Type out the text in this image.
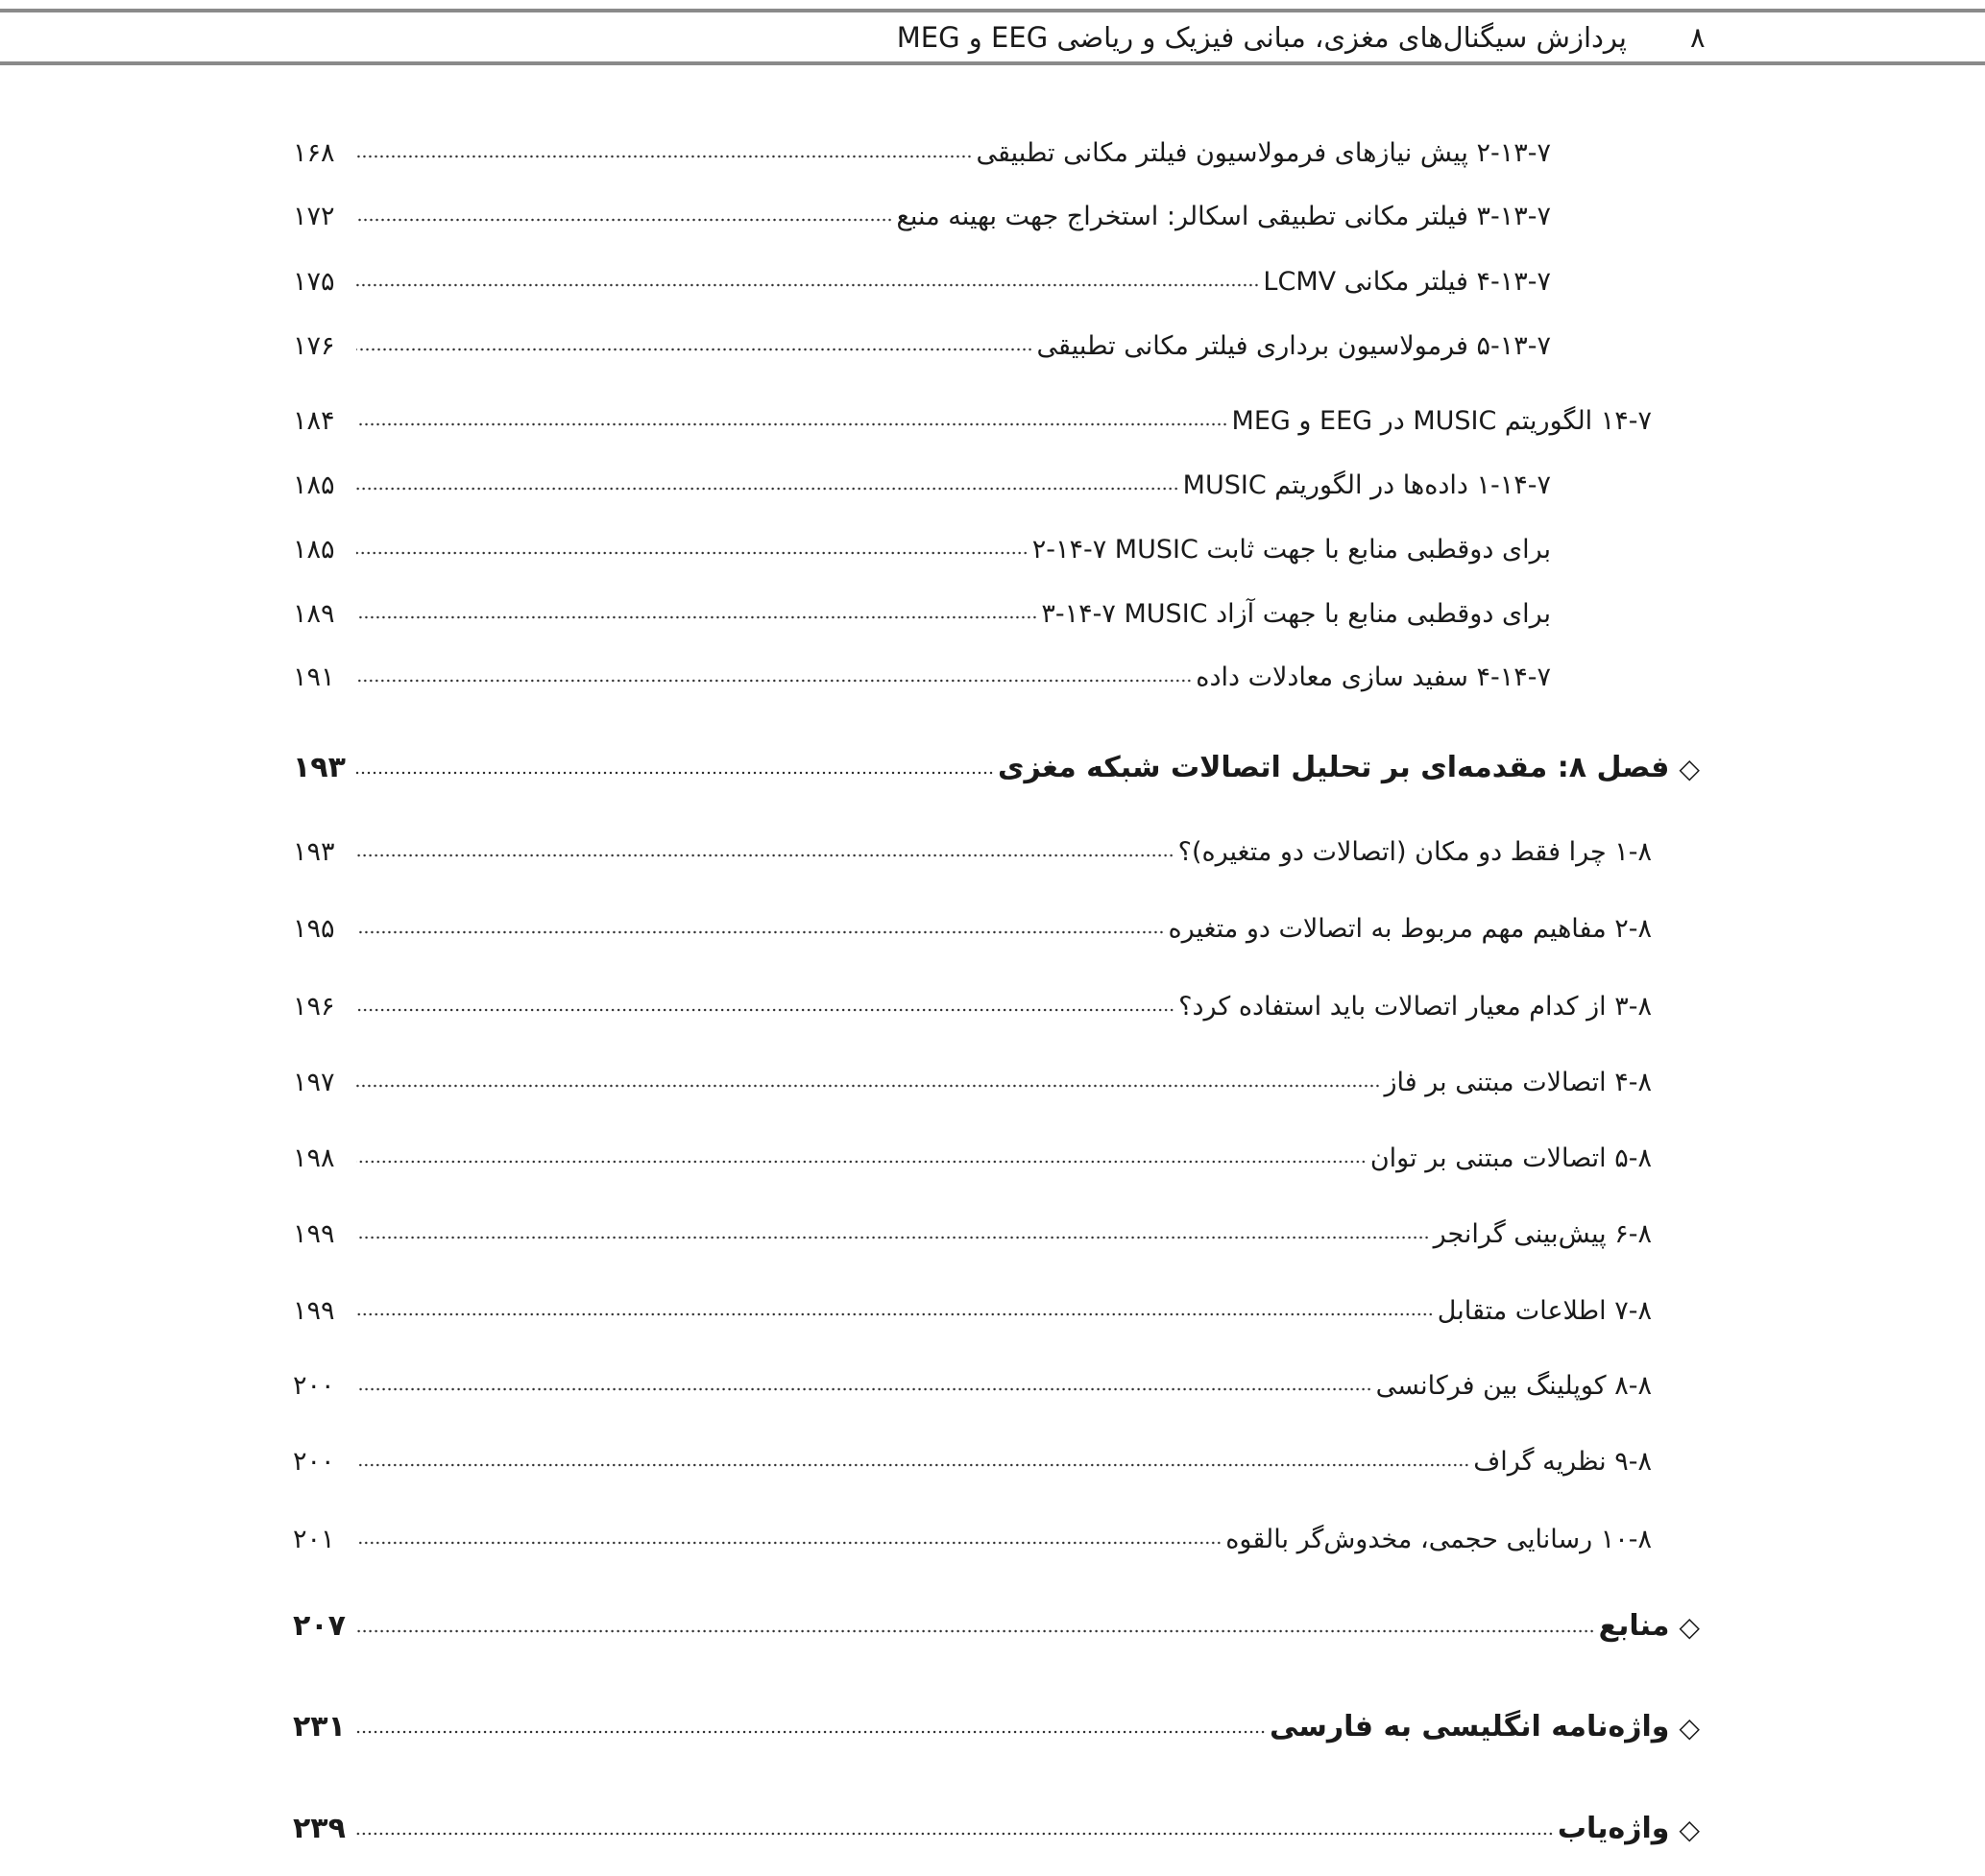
۸
پردازش سیگنال‌های مغزی، مبانی فیزیک و ریاضی EEG و MEG
۲-۱۳-۷ پیش نیازهای فرمولاسیون فیلتر مکانی تطبیقی
۱۶۸
۳-۱۳-۷ فیلتر مکانی تطبیقی اسکالر: استخراج جهت بهینه منبع
۱۷۲
۴-۱۳-۷ فیلتر مکانی LCMV
۱۷۵
۵-۱۳-۷ فرمولاسیون برداری فیلتر مکانی تطبیقی
۱۷۶
۱۴-۷ الگوریتم MUSIC در EEG و MEG
۱۸۴
۱-۱۴-۷ داده‌ها در الگوریتم MUSIC
۱۸۵
۲-۱۴-۷ MUSIC برای دوقطبی منابع با جهت ثابت
۱۸۵
۳-۱۴-۷ MUSIC برای دوقطبی منابع با جهت آزاد
۱۸۹
۴-۱۴-۷ سفید سازی معادلات داده
۱۹۱
◇
فصل ۸: مقدمه‌ای بر تحلیل اتصالات شبکه مغزی
۱۹۳
۱-۸ چرا فقط دو مکان (اتصالات دو متغیره)؟
۱۹۳
۲-۸ مفاهیم مهم مربوط به اتصالات دو متغیره
۱۹۵
۳-۸ از کدام معیار اتصالات باید استفاده کرد؟
۱۹۶
۴-۸ اتصالات مبتنی بر فاز
۱۹۷
۵-۸ اتصالات مبتنی بر توان
۱۹۸
۶-۸ پیش‌بینی گرانجر
۱۹۹
۷-۸ اطلاعات متقابل
۱۹۹
۸-۸ کوپلینگ بین فرکانسی
۲۰۰
۹-۸ نظریه گراف
۲۰۰
۱۰-۸ رسانایی حجمی، مخدوش‌گر بالقوه
۲۰۱
◇
منابع
۲۰۷
◇
واژه‌نامه انگلیسی به فارسی
۲۳۱
◇
واژه‌یاب
۲۳۹
